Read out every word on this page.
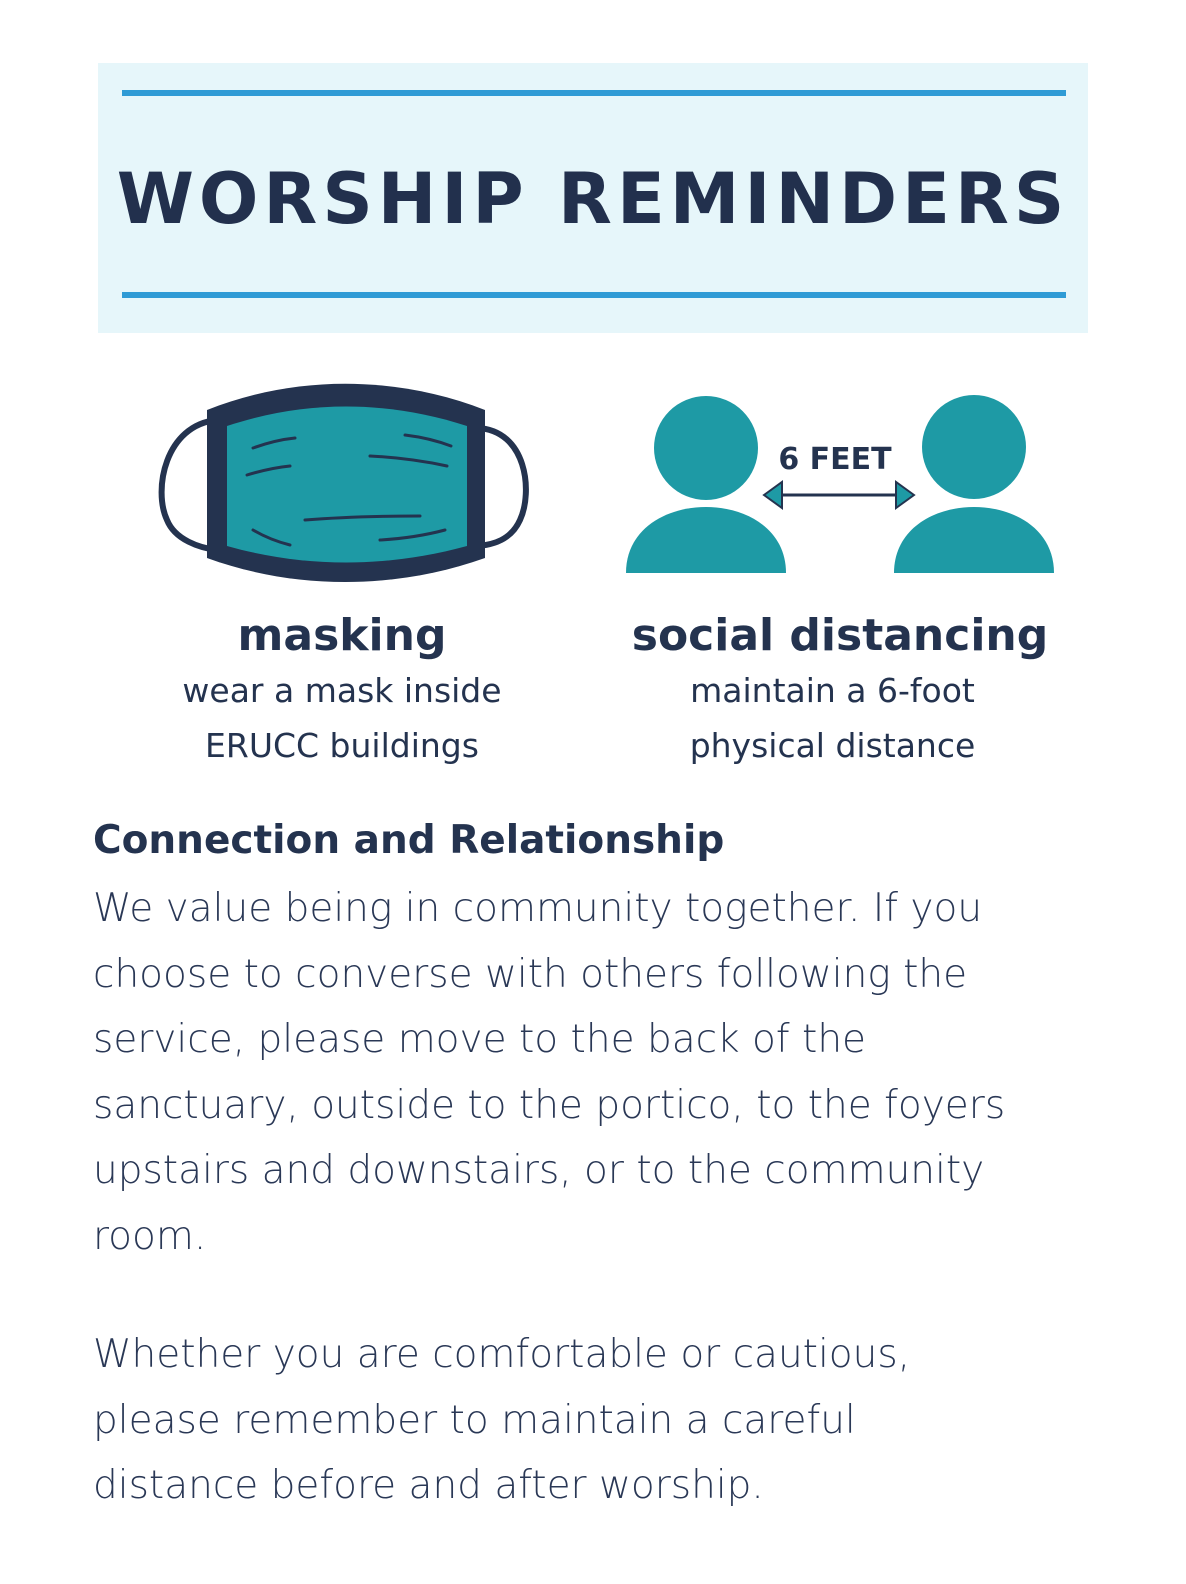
WORSHIP REMINDERS
6 FEET
masking
wear a mask inside
ERUCC buildings
social distancing
maintain a 6-foot
physical distance
Connection and Relationship

We value being in community together. If you
choose to converse with others following the
service, please move to the back of the
sanctuary, outside to the portico, to the foyers
upstairs and downstairs, or to the community
room.

Whether you are comfortable or cautious,
please remember to maintain a careful
distance before and after worship.
